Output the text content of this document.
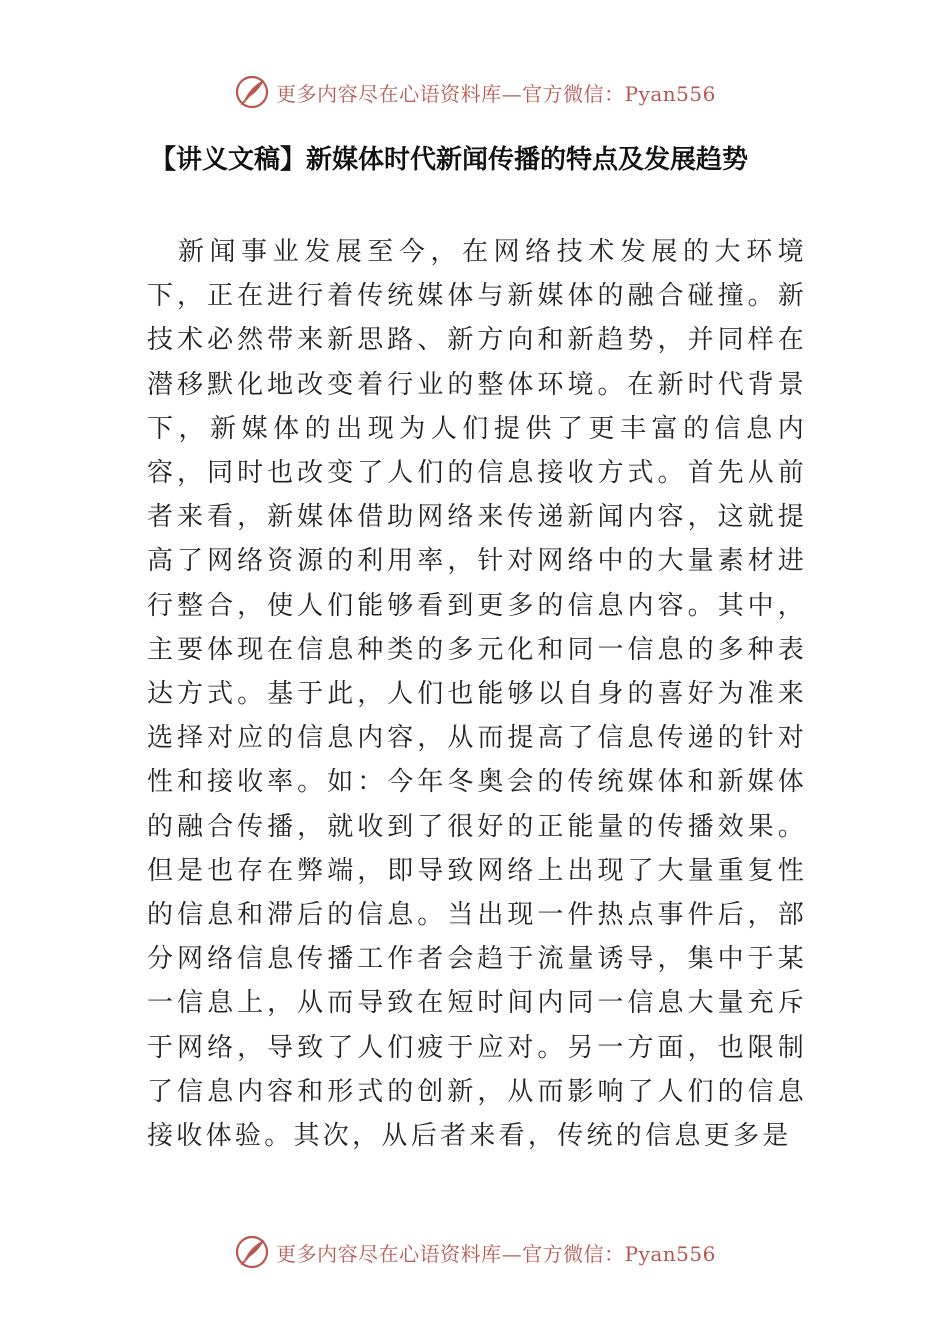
更多内容尽在心语资料库—官方微信：Pyan556
【讲义文稿】新媒体时代新闻传播的特点及发展趋势

新闻事业发展至今，在网络技术发展的大环境下，正在进行着传统媒体与新媒体的融合碰撞。新技术必然带来新思路、新方向和新趋势，并同样在潜移默化地改变着行业的整体环境。在新时代背景下，新媒体的出现为人们提供了更丰富的信息内容，同时也改变了人们的信息接收方式。首先从前者来看，新媒体借助网络来传递新闻内容，这就提高了网络资源的利用率，针对网络中的大量素材进行整合，使人们能够看到更多的信息内容。其中，主要体现在信息种类的多元化和同一信息的多种表达方式。基于此，人们也能够以自身的喜好为准来选择对应的信息内容，从而提高了信息传递的针对性和接收率。如：今年冬奥会的传统媒体和新媒体的融合传播，就收到了很好的正能量的传播效果。但是也存在弊端，即导致网络上出现了大量重复性的信息和滞后的信息。当出现一件热点事件后，部分网络信息传播工作者会趋于流量诱导，集中于某一信息上，从而导致在短时间内同一信息大量充斥于网络，导致了人们疲于应对。另一方面，也限制了信息内容和形式的创新，从而影响了人们的信息接收体验。其次，从后者来看，传统的信息更多是

更多内容尽在心语资料库—官方微信：Pyan556
